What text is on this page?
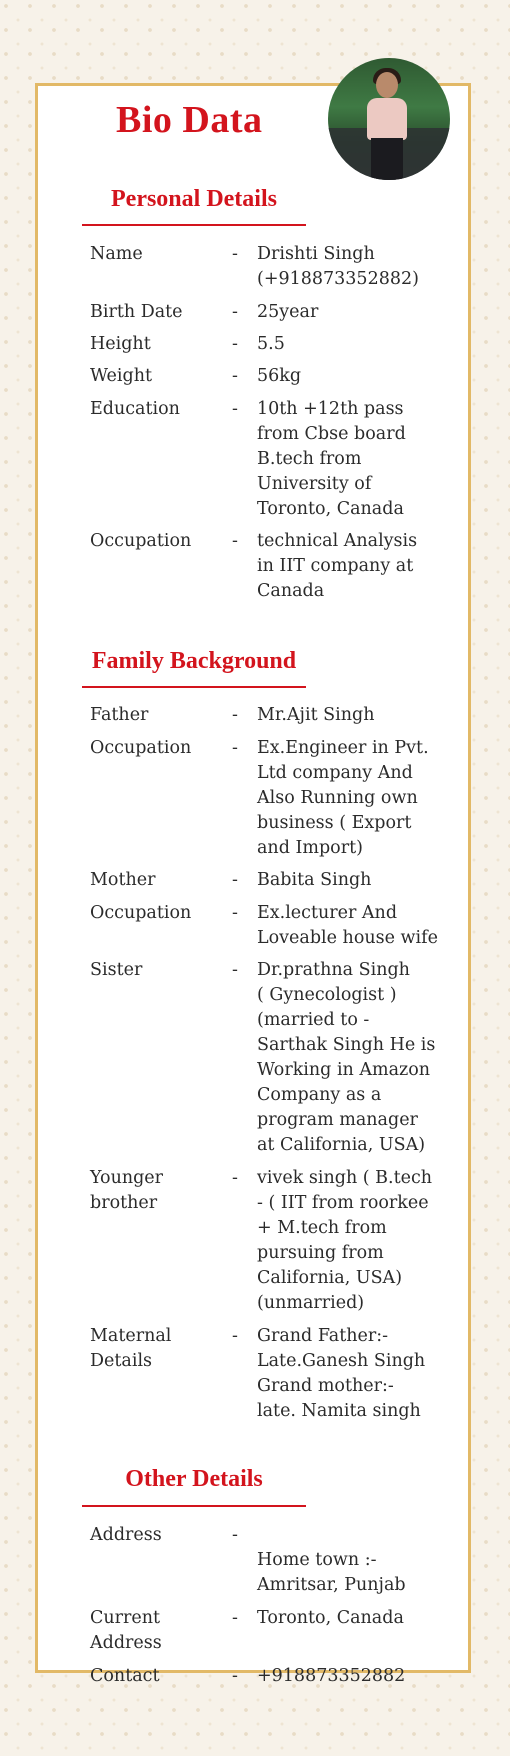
Bio Data
Personal Details
Name	- Drishti Singh
(+918873352882)
Birth Date	- 25year
Height	- 5.5
Weight	- 56kg
Education	- 10th +12th pass
from Cbse board
B.tech from
University of
Toronto, Canada
Occupation	- technical Analysis
in IIT company at
Canada
Family Background
Father	- Mr.Ajit Singh
Occupation	- Ex.Engineer in Pvt.
Ltd company And
Also Running own
business ( Export
and Import)
Mother	- Babita Singh
Occupation	- Ex.lecturer And
Loveable house wife
Sister	- Dr.prathna Singh
( Gynecologist )
(married to -
Sarthak Singh He is
Working in Amazon
Company as a
program manager
at California, USA)
Younger brother
- vivek singh ( B.tech
- ( IIT from roorkee
+ M.tech from
pursuing from
California, USA)
(unmarried)
Maternal Details
- Grand Father:-
Late.Ganesh Singh
Grand mother:-
late. Namita singh
Other Details
Address	-

Home town :-
Amritsar, Punjab
Current Address
- Toronto, Canada
Contact	- +918873352882
